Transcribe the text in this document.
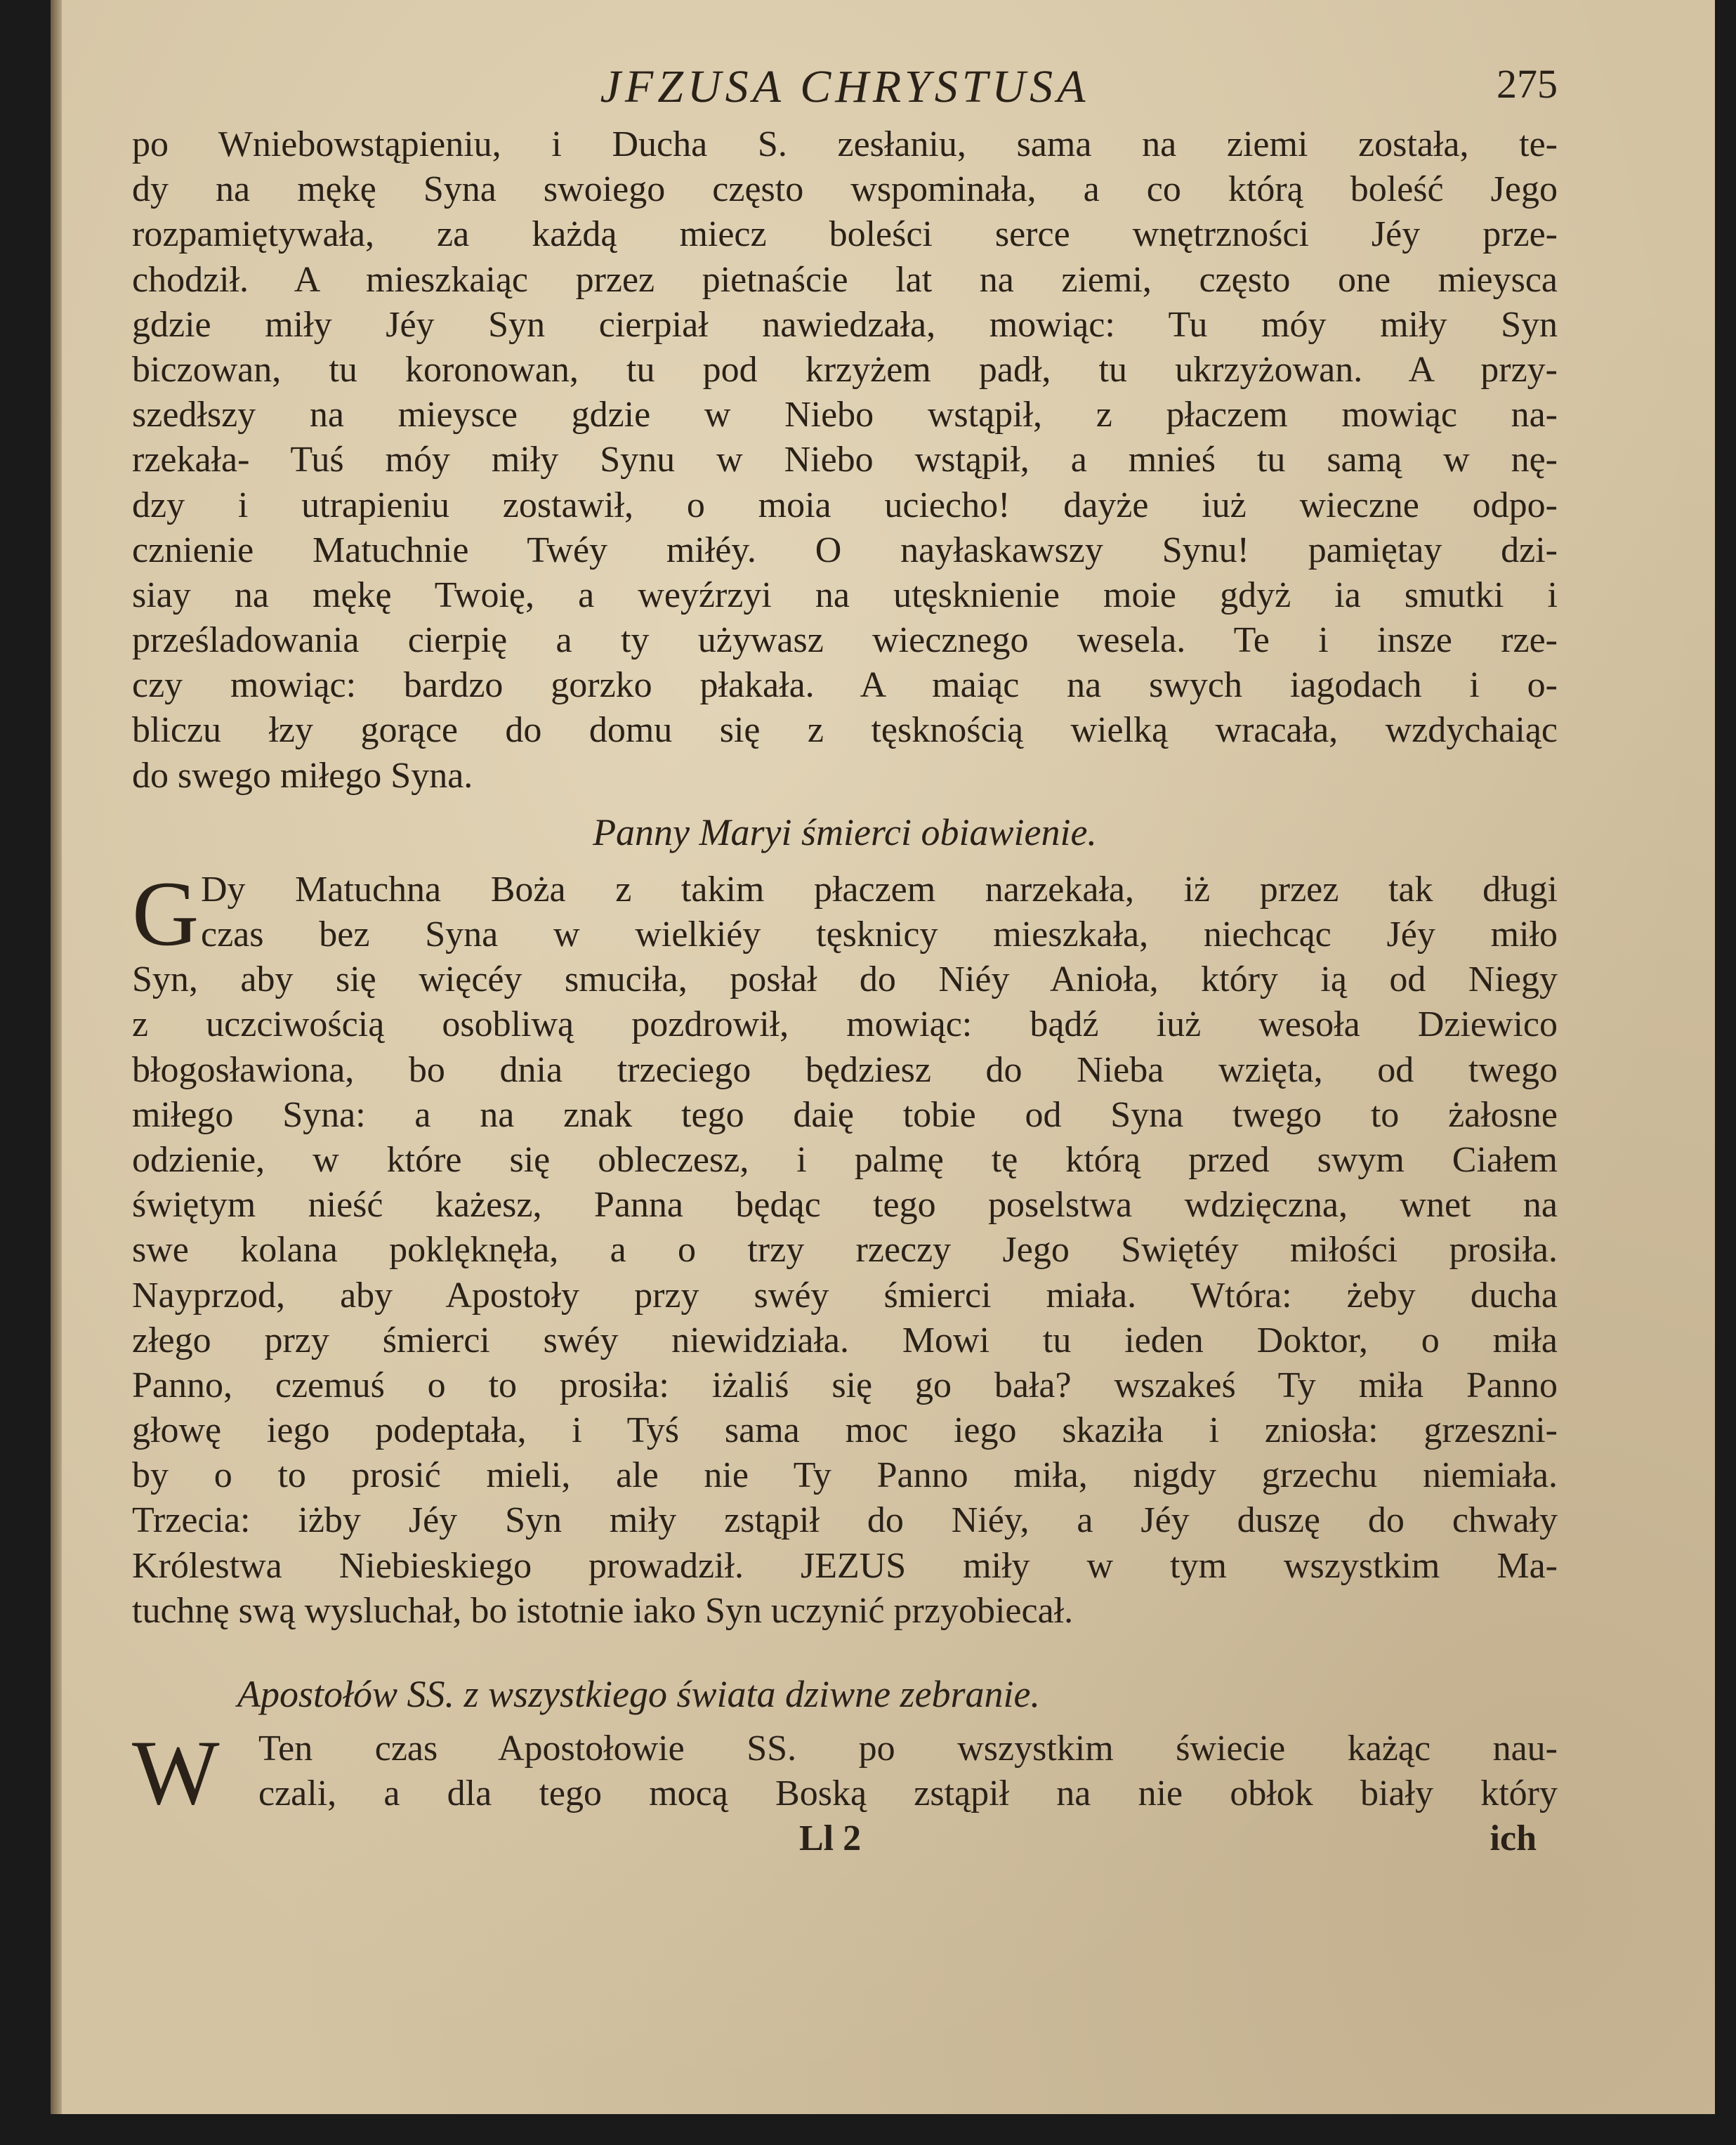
JFZUSA CHRYSTUSA	275
po Wniebowstąpieniu, i Ducha S. zesłaniu, sama na ziemi została, te-
dy na mękę Syna swoiego często wspominała, a co którą boleść Jego
rozpamiętywała, za każdą miecz boleści serce wnętrzności Jéy prze-
chodził. A mieszkaiąc przez pietnaście lat na ziemi, często one mieysca
gdzie miły Jéy Syn cierpiał nawiedzała, mowiąc: Tu móy miły Syn
biczowan, tu koronowan, tu pod krzyżem padł, tu ukrzyżowan. A przy-
szedłszy na mieysce gdzie w Niebo wstąpił, z płaczem mowiąc na-
rzekała- Tuś móy miły Synu w Niebo wstąpił, a mnieś tu samą w nę-
dzy i utrapieniu zostawił, o moia uciecho! dayże iuż wieczne odpo-
cznienie Matuchnie Twéy miłéy. O nayłaskawszy Synu! pamiętay dzi-
siay na mękę Twoię, a weyźrzyi na utęsknienie moie gdyż ia smutki i
prześladowania cierpię a ty używasz wiecznego wesela. Te i insze rze-
czy mowiąc: bardzo gorzko płakała. A maiąc na swych iagodach i o-
bliczu łzy gorące do domu się z tęsknością wielką wracała, wzdychaiąc
do swego miłego Syna.
Panny Maryi śmierci obiawienie.
G Dy Matuchna Boża z takim płaczem narzekała, iż przez tak długi
czas bez Syna w wielkiéy tęsknicy mieszkała, niechcąc Jéy miło
Syn, aby się więcéy smuciła, posłał do Niéy Anioła, który ią od Niegy
z uczciwością osobliwą pozdrowił, mowiąc: bądź iuż wesoła Dziewico
błogosławiona, bo dnia trzeciego będziesz do Nieba wzięta, od twego
miłego Syna: a na znak tego daię tobie od Syna twego to żałosne
odzienie, w które się obleczesz, i palmę tę którą przed swym Ciałem
świętym nieść każesz, Panna będąc tego poselstwa wdzięczna, wnet na
swe kolana poklęknęła, a o trzy rzeczy Jego Swiętéy miłości prosiła.
Nayprzod, aby Apostoły przy swéy śmierci miała. Wtóra: żeby ducha
złego przy śmierci swéy niewidziała. Mowi tu ieden Doktor, o miła
Panno, czemuś o to prosiła: iżaliś się go bała? wszakeś Ty miła Panno
głowę iego podeptała, i Tyś sama moc iego skaziła i zniosła: grzeszni-
by o to prosić mieli, ale nie Ty Panno miła, nigdy grzechu niemiała.
Trzecia: iżby Jéy Syn miły zstąpił do Niéy, a Jéy duszę do chwały
Królestwa Niebieskiego prowadził. JEZUS miły w tym wszystkim Ma-
tuchnę swą wysluchał, bo istotnie iako Syn uczynić przyobiecał.
Apostołów SS. z wszystkiego świata dziwne zebranie.
W	Ten czas Apostołowie SS. po wszystkim świecie każąc nau-
czali, a dla tego mocą Boską zstąpił na nie obłok biały który
Ll 2	ich
